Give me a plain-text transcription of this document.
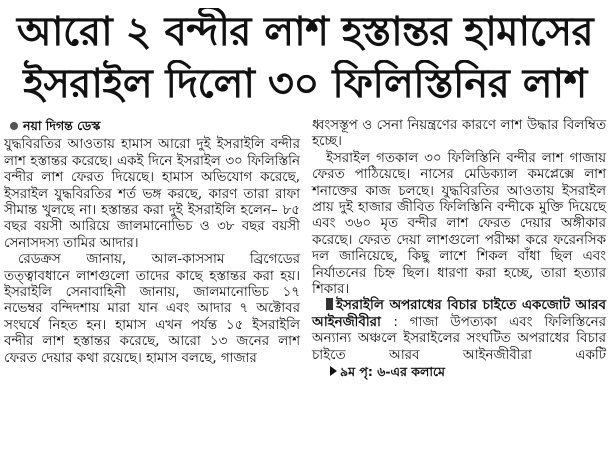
আরো ২ বন্দীর লাশ হস্তান্তর হামাসের
ইসরাইল দিলো ৩০ ফিলিস্তিনির লাশ
নয়া দিগন্ত ডেস্ক

যুদ্ধবিরতির আওতায় হামাস আরো দুই ইসরাইলি বন্দীর লাশ হস্তান্তর করেছে। একই দিনে ইসরাইল ৩০ ফিলিস্তিনি বন্দীর লাশ ফেরত দিয়েছে। হামাস অভিযোগ করেছে, ইসরাইল যুদ্ধবিরতির শর্ত ভঙ্গ করছে, কারণ তারা রাফা সীমান্ত খুলছে না। হস্তান্তর করা দুই ইসরাইলি হলেন– ৮৫ বছর বয়সী আরিয়ে জালমানোভিচ ও ৩৮ বছর বয়সী সেনাসদস্য তামির আদার।

রেডক্রস জানায়, আল-কাসসাম ব্রিগেডের তত্ত্বাবধানে লাশগুলো তাদের কাছে হস্তান্তর করা হয়। ইসরাইলি সেনাবাহিনী জানায়, জালমানোভিচ ১৭ নভেম্বর বন্দিদশায় মারা যান এবং আদার ৭ অক্টোবর সংঘর্ষে নিহত হন। হামাস এখন পর্যন্ত ১৫ ইসরাইলি বন্দীর লাশ হস্তান্তর করেছে, আরো ১৩ জনের লাশ ফেরত দেয়ার কথা রয়েছে। হামাস বলছে, গাজার

ধ্বংসস্তূপ ও সেনা নিয়ন্ত্রণের কারণে লাশ উদ্ধার বিলম্বিত হচ্ছে।

ইসরাইল গতকাল ৩০ ফিলিস্তিনি বন্দীর লাশ গাজায় ফেরত পাঠিয়েছে। নাসের মেডিক্যাল কমপ্লেক্সে লাশ শনাক্তের কাজ চলছে। যুদ্ধবিরতির আওতায় ইসরাইল প্রায় দুই হাজার জীবিত ফিলিস্তিনি বন্দীকে মুক্তি দিয়েছে এবং ৩৬০ মৃত বন্দীর লাশ ফেরত দেয়ার অঙ্গীকার করেছে। ফেরত দেয়া লাশগুলো পরীক্ষা করে ফরেনসিক দল জানিয়েছে, কিছু লাশে শিকল বাঁধা ছিল এবং নির্যাতনের চিহ্ন ছিল। ধারণা করা হচ্ছে, তারা হত্যার শিকার।

ইসরাইলি অপরাধের বিচার চাইতে একজোট আরব আইনজীবীরা : গাজা উপত্যকা এবং ফিলিস্তিনের অন্যান্য অঞ্চলে ইসরাইলের সংঘটিত অপরাধের বিচার চাইতে আরব আইনজীবীরা একটি ৯ম পৃ: ৬-এর কলামে
